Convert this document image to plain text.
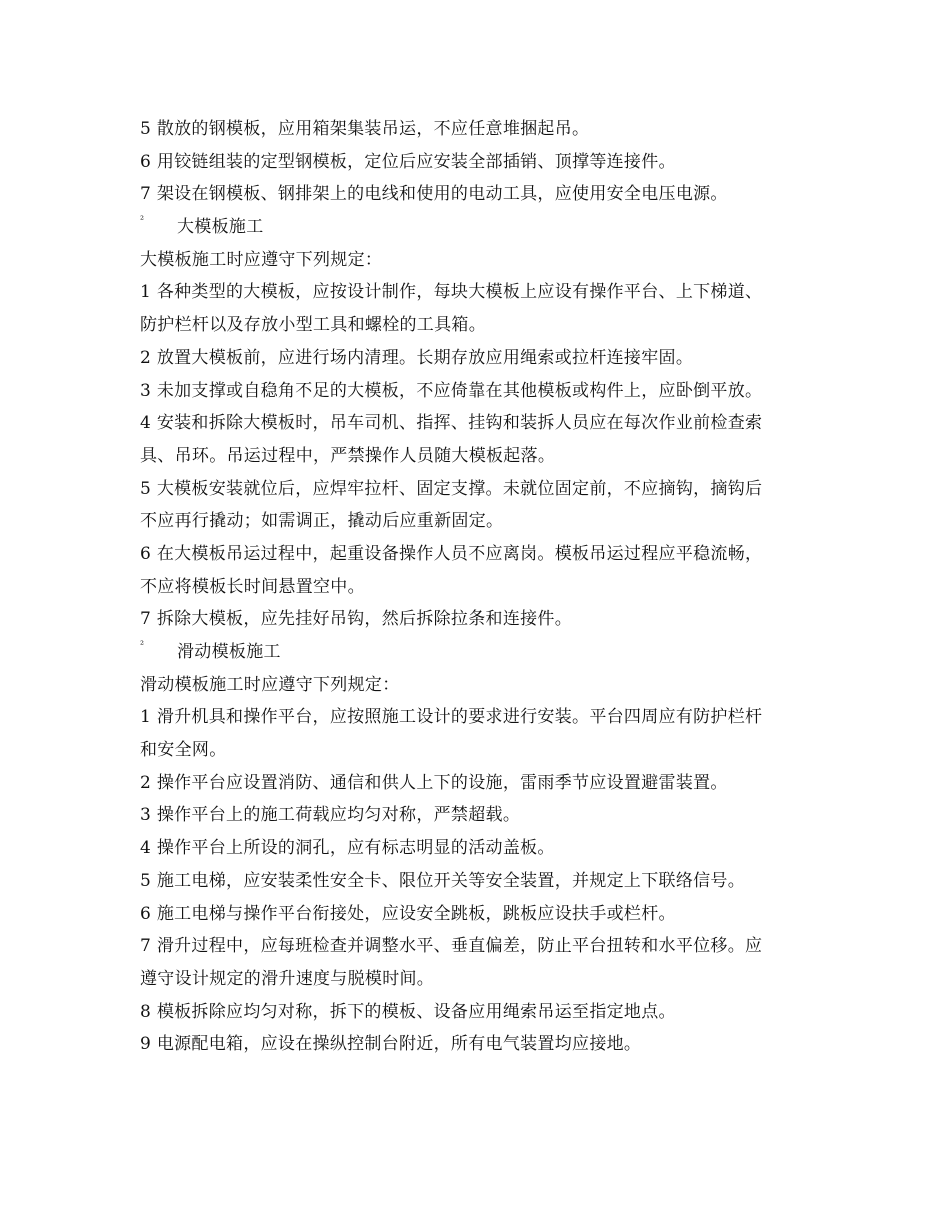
5 散放的钢模板，应用箱架集装吊运，不应任意堆捆起吊。
6 用铰链组装的定型钢模板，定位后应安装全部插销、顶撑等连接件。
7 架设在钢模板、钢排架上的电线和使用的电动工具，应使用安全电压电源。
²	大模板施工
大模板施工时应遵守下列规定：
1 各种类型的大模板，应按设计制作，每块大模板上应设有操作平台、上下梯道、
防护栏杆以及存放小型工具和螺栓的工具箱。
2 放置大模板前，应进行场内清理。长期存放应用绳索或拉杆连接牢固。
3 未加支撑或自稳角不足的大模板，不应倚靠在其他模板或构件上，应卧倒平放。
4 安装和拆除大模板时，吊车司机、指挥、挂钩和装拆人员应在每次作业前检查索
具、吊环。吊运过程中，严禁操作人员随大模板起落。
5 大模板安装就位后，应焊牢拉杆、固定支撑。未就位固定前，不应摘钩，摘钩后
不应再行撬动；如需调正，撬动后应重新固定。
6 在大模板吊运过程中，起重设备操作人员不应离岗。模板吊运过程应平稳流畅，
不应将模板长时间悬置空中。
7 拆除大模板，应先挂好吊钩，然后拆除拉条和连接件。
²	滑动模板施工
滑动模板施工时应遵守下列规定：
1 滑升机具和操作平台，应按照施工设计的要求进行安装。平台四周应有防护栏杆
和安全网。
2 操作平台应设置消防、通信和供人上下的设施，雷雨季节应设置避雷装置。
3 操作平台上的施工荷载应均匀对称，严禁超载。
4 操作平台上所设的洞孔，应有标志明显的活动盖板。
5 施工电梯，应安装柔性安全卡、限位开关等安全装置，并规定上下联络信号。
6 施工电梯与操作平台衔接处，应设安全跳板，跳板应设扶手或栏杆。
7 滑升过程中，应每班检查并调整水平、垂直偏差，防止平台扭转和水平位移。应
遵守设计规定的滑升速度与脱模时间。
8 模板拆除应均匀对称，拆下的模板、设备应用绳索吊运至指定地点。
9 电源配电箱，应设在操纵控制台附近，所有电气装置均应接地。
